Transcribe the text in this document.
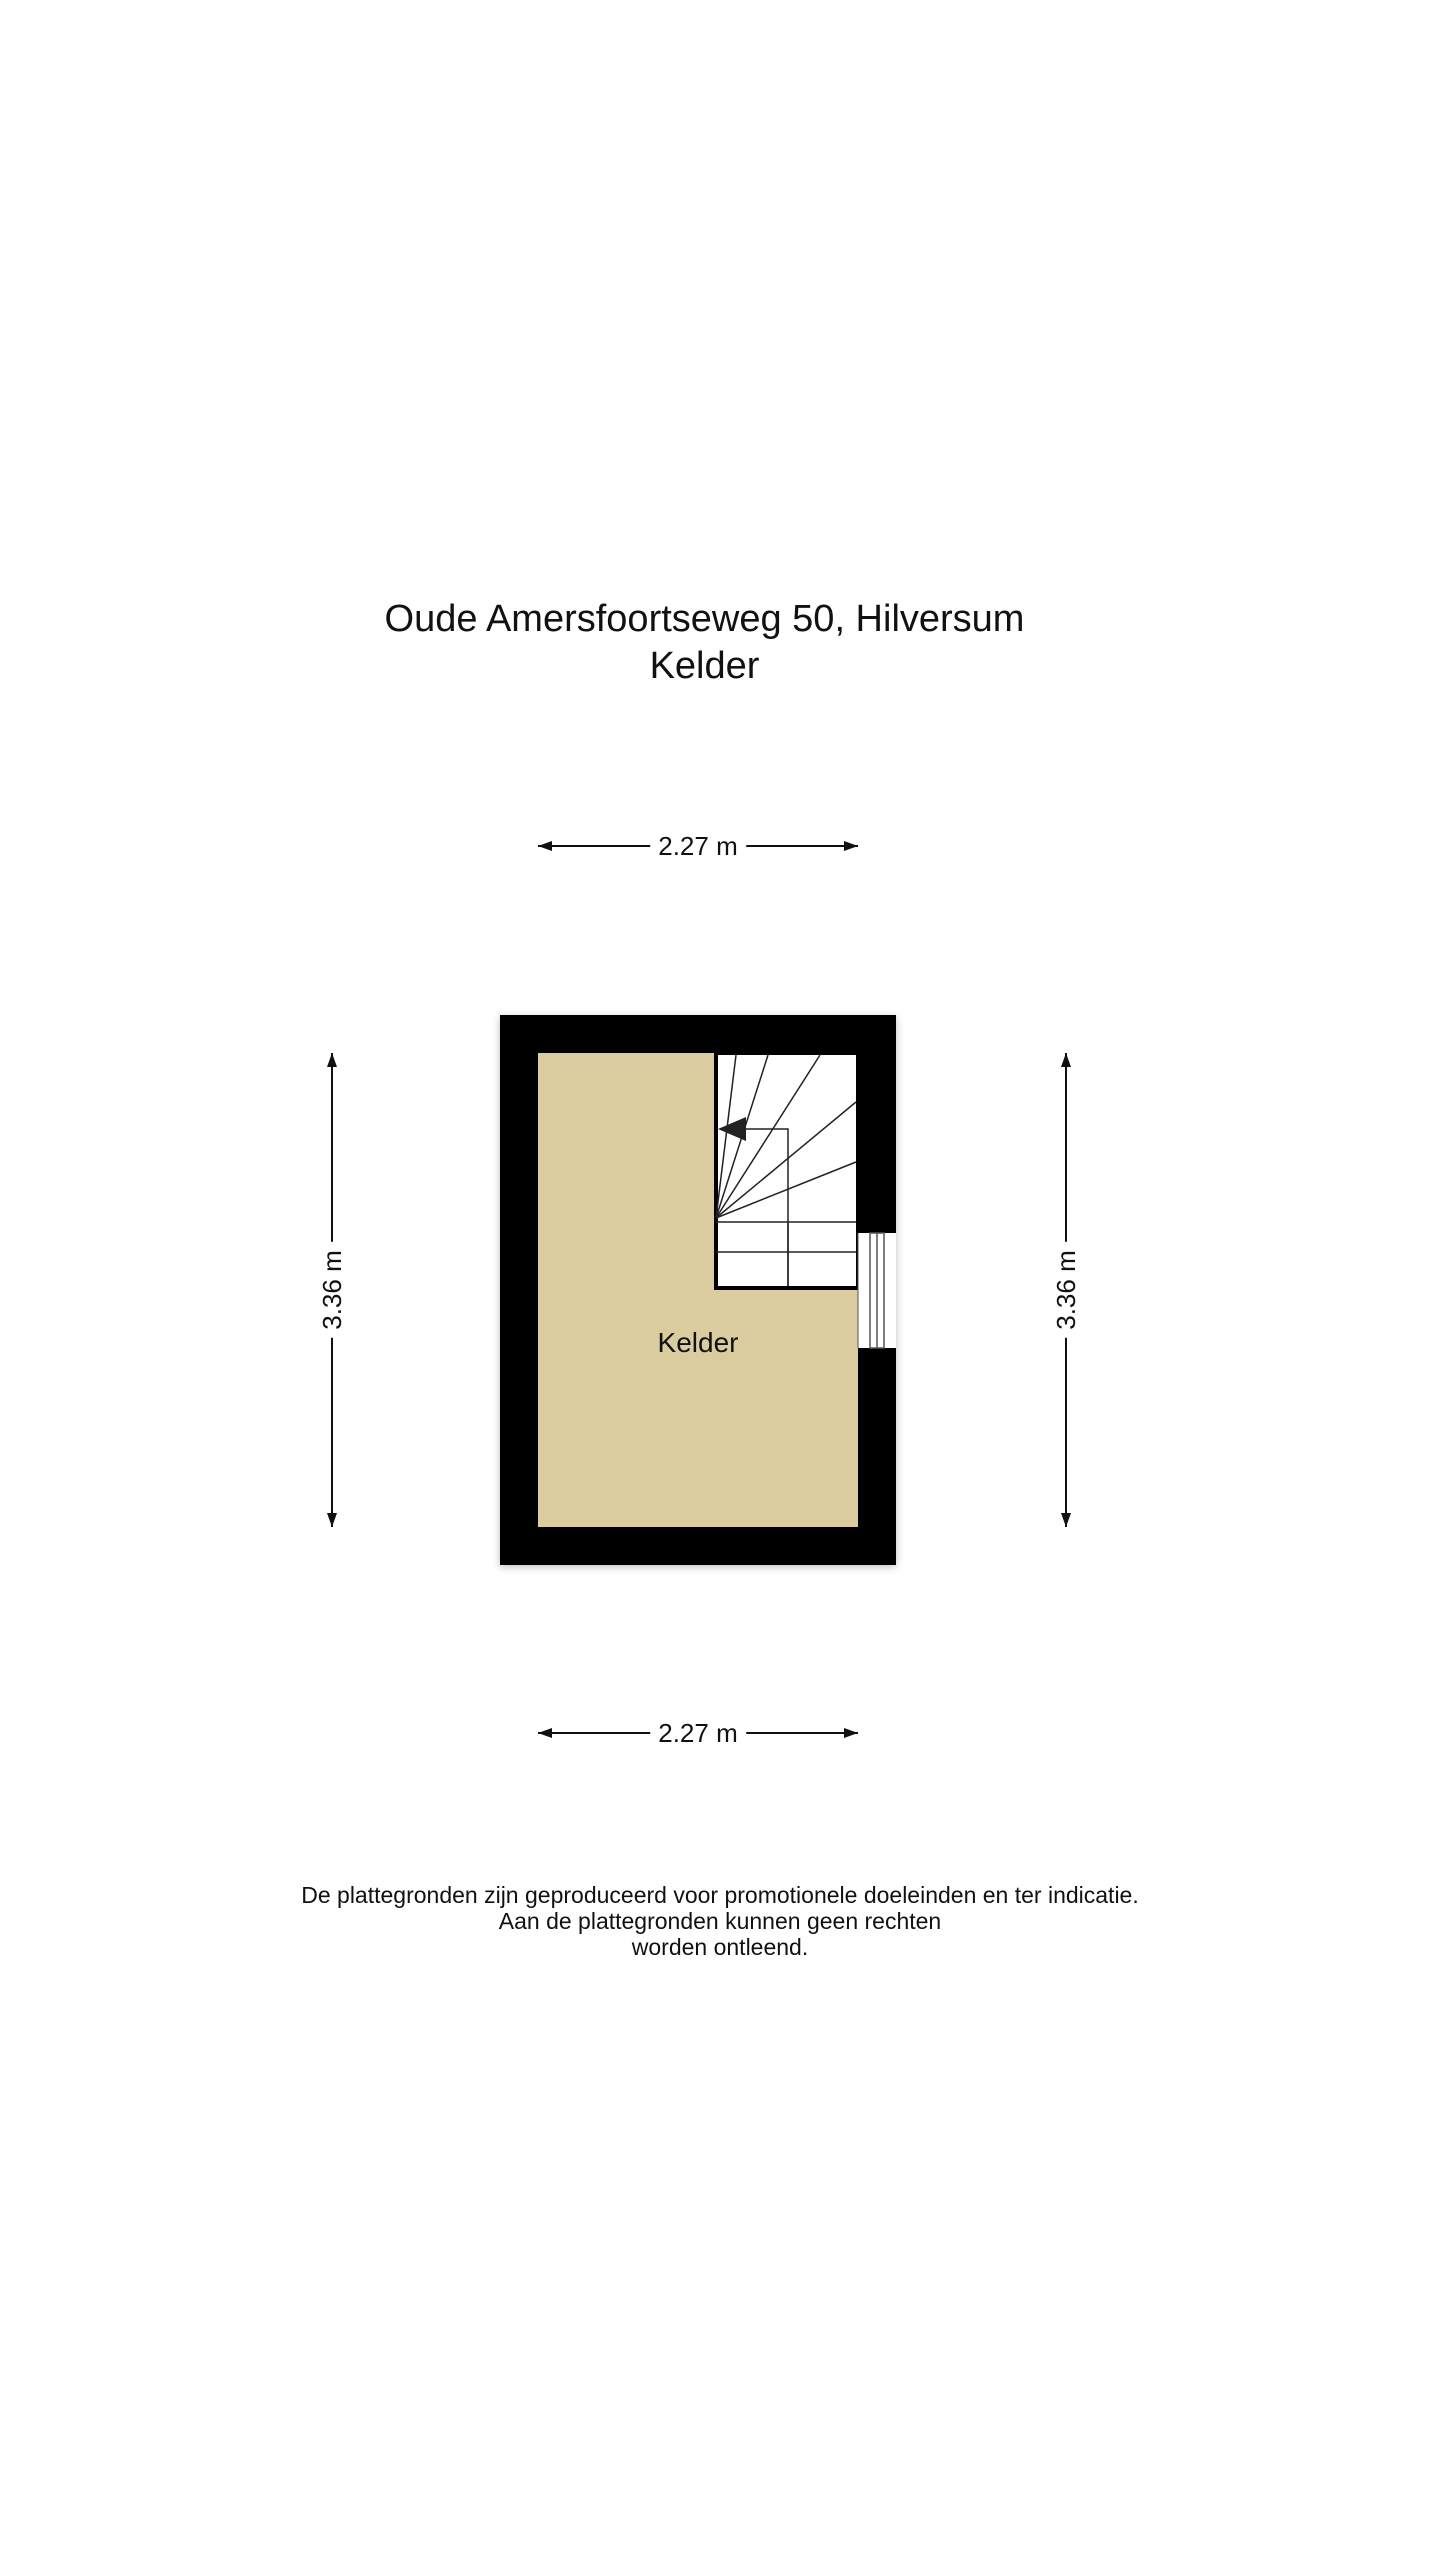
Oude Amersfoortseweg 50, Hilversum
Kelder
2.27 m
2.27 m
3.36 m	3.36 m
Kelder
De plattegronden zijn geproduceerd voor promotionele doeleinden en ter indicatie.
Aan de plattegronden kunnen geen rechten
worden ontleend.
